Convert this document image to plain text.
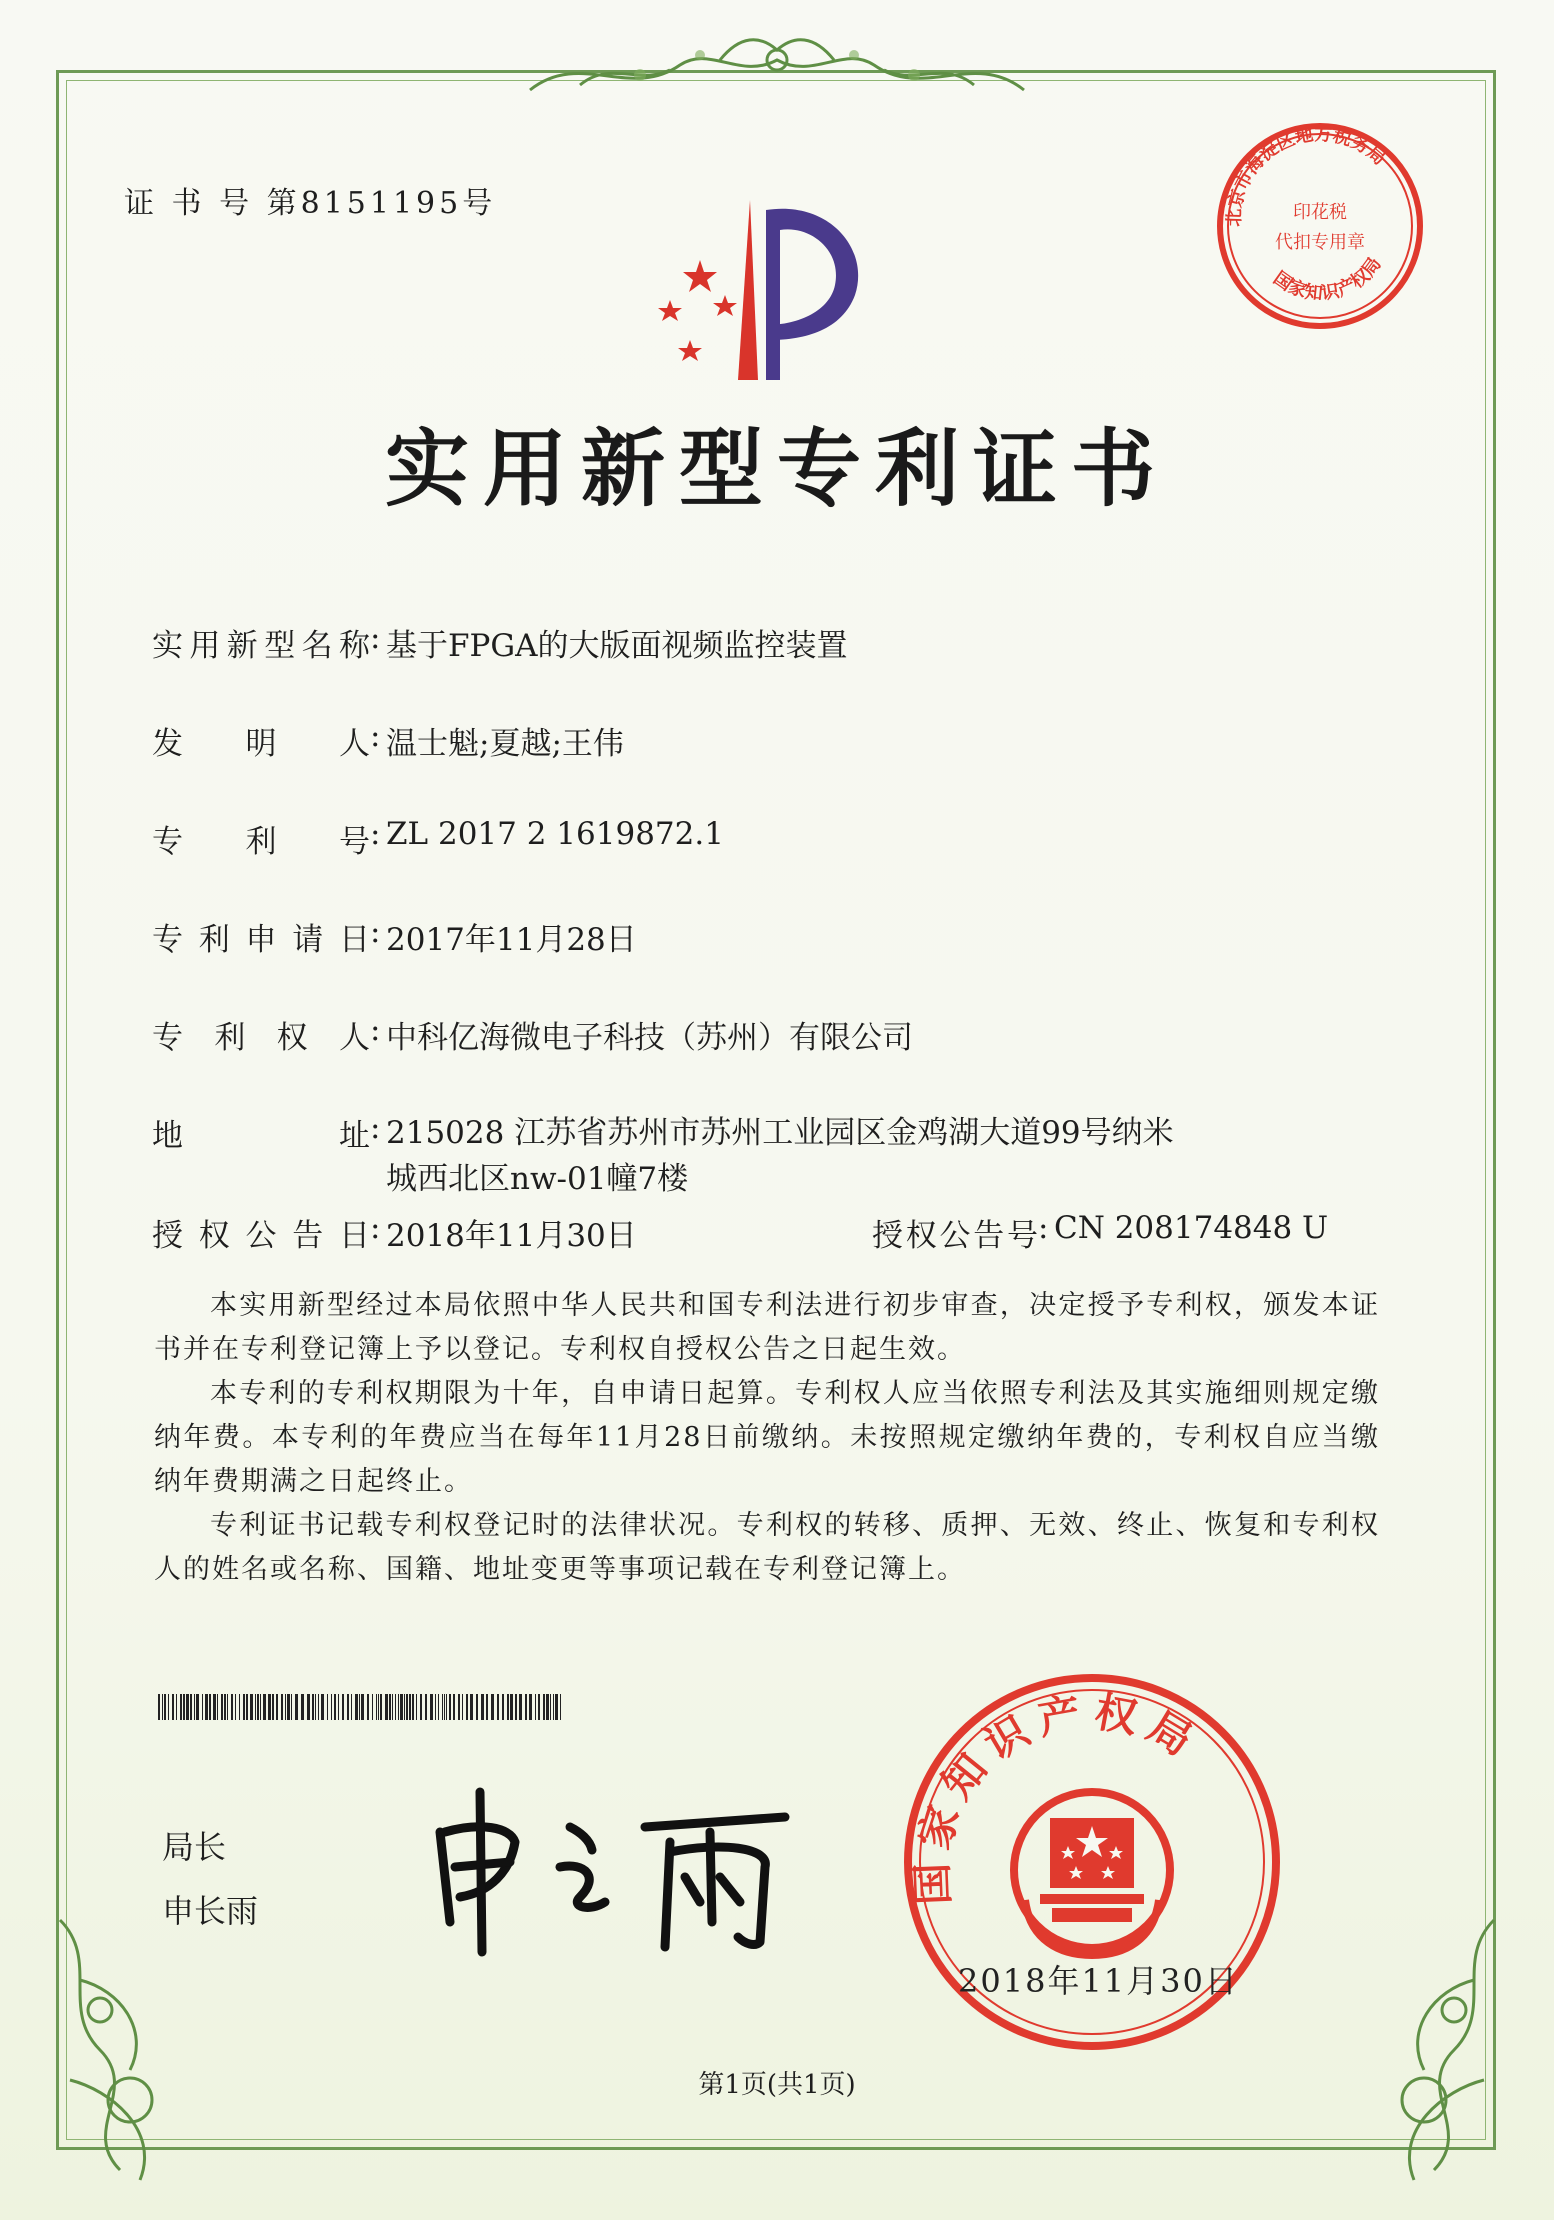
证 书 号 第8151195号	北京市海淀区地方税务局
印花税
代扣专用章
国家知识产权局
实用新型专利证书
实用新型名称 : 基于FPGA的大版面视频监控装置
发明人 : 温士魁;夏越;王伟
专利号 : ZL 2017 2 1619872.1
专利申请日 : 2017年11月28日
专利权人 : 中科亿海微电子科技（苏州）有限公司
地址 : 215028 江苏省苏州市苏州工业园区金鸡湖大道99号纳米
城西北区nw-01幢7楼
授权公告日 : 2018年11月30日	授权公告号 : CN 208174848 U

本实用新型经过本局依照中华人民共和国专利法进行初步审查，决定授予专利权，颁发本证书并在专利登记簿上予以登记。专利权自授权公告之日起生效。

本专利的专利权期限为十年，自申请日起算。专利权人应当依照专利法及其实施细则规定缴纳年费。本专利的年费应当在每年11月28日前缴纳。未按照规定缴纳年费的，专利权自应当缴纳年费期满之日起终止。

专利证书记载专利权登记时的法律状况。专利权的转移、质押、无效、终止、恢复和专利权人的姓名或名称、国籍、地址变更等事项记载在专利登记簿上。

局长
申长雨
国家知识产权局
2018年11月30日
第1页(共1页)
